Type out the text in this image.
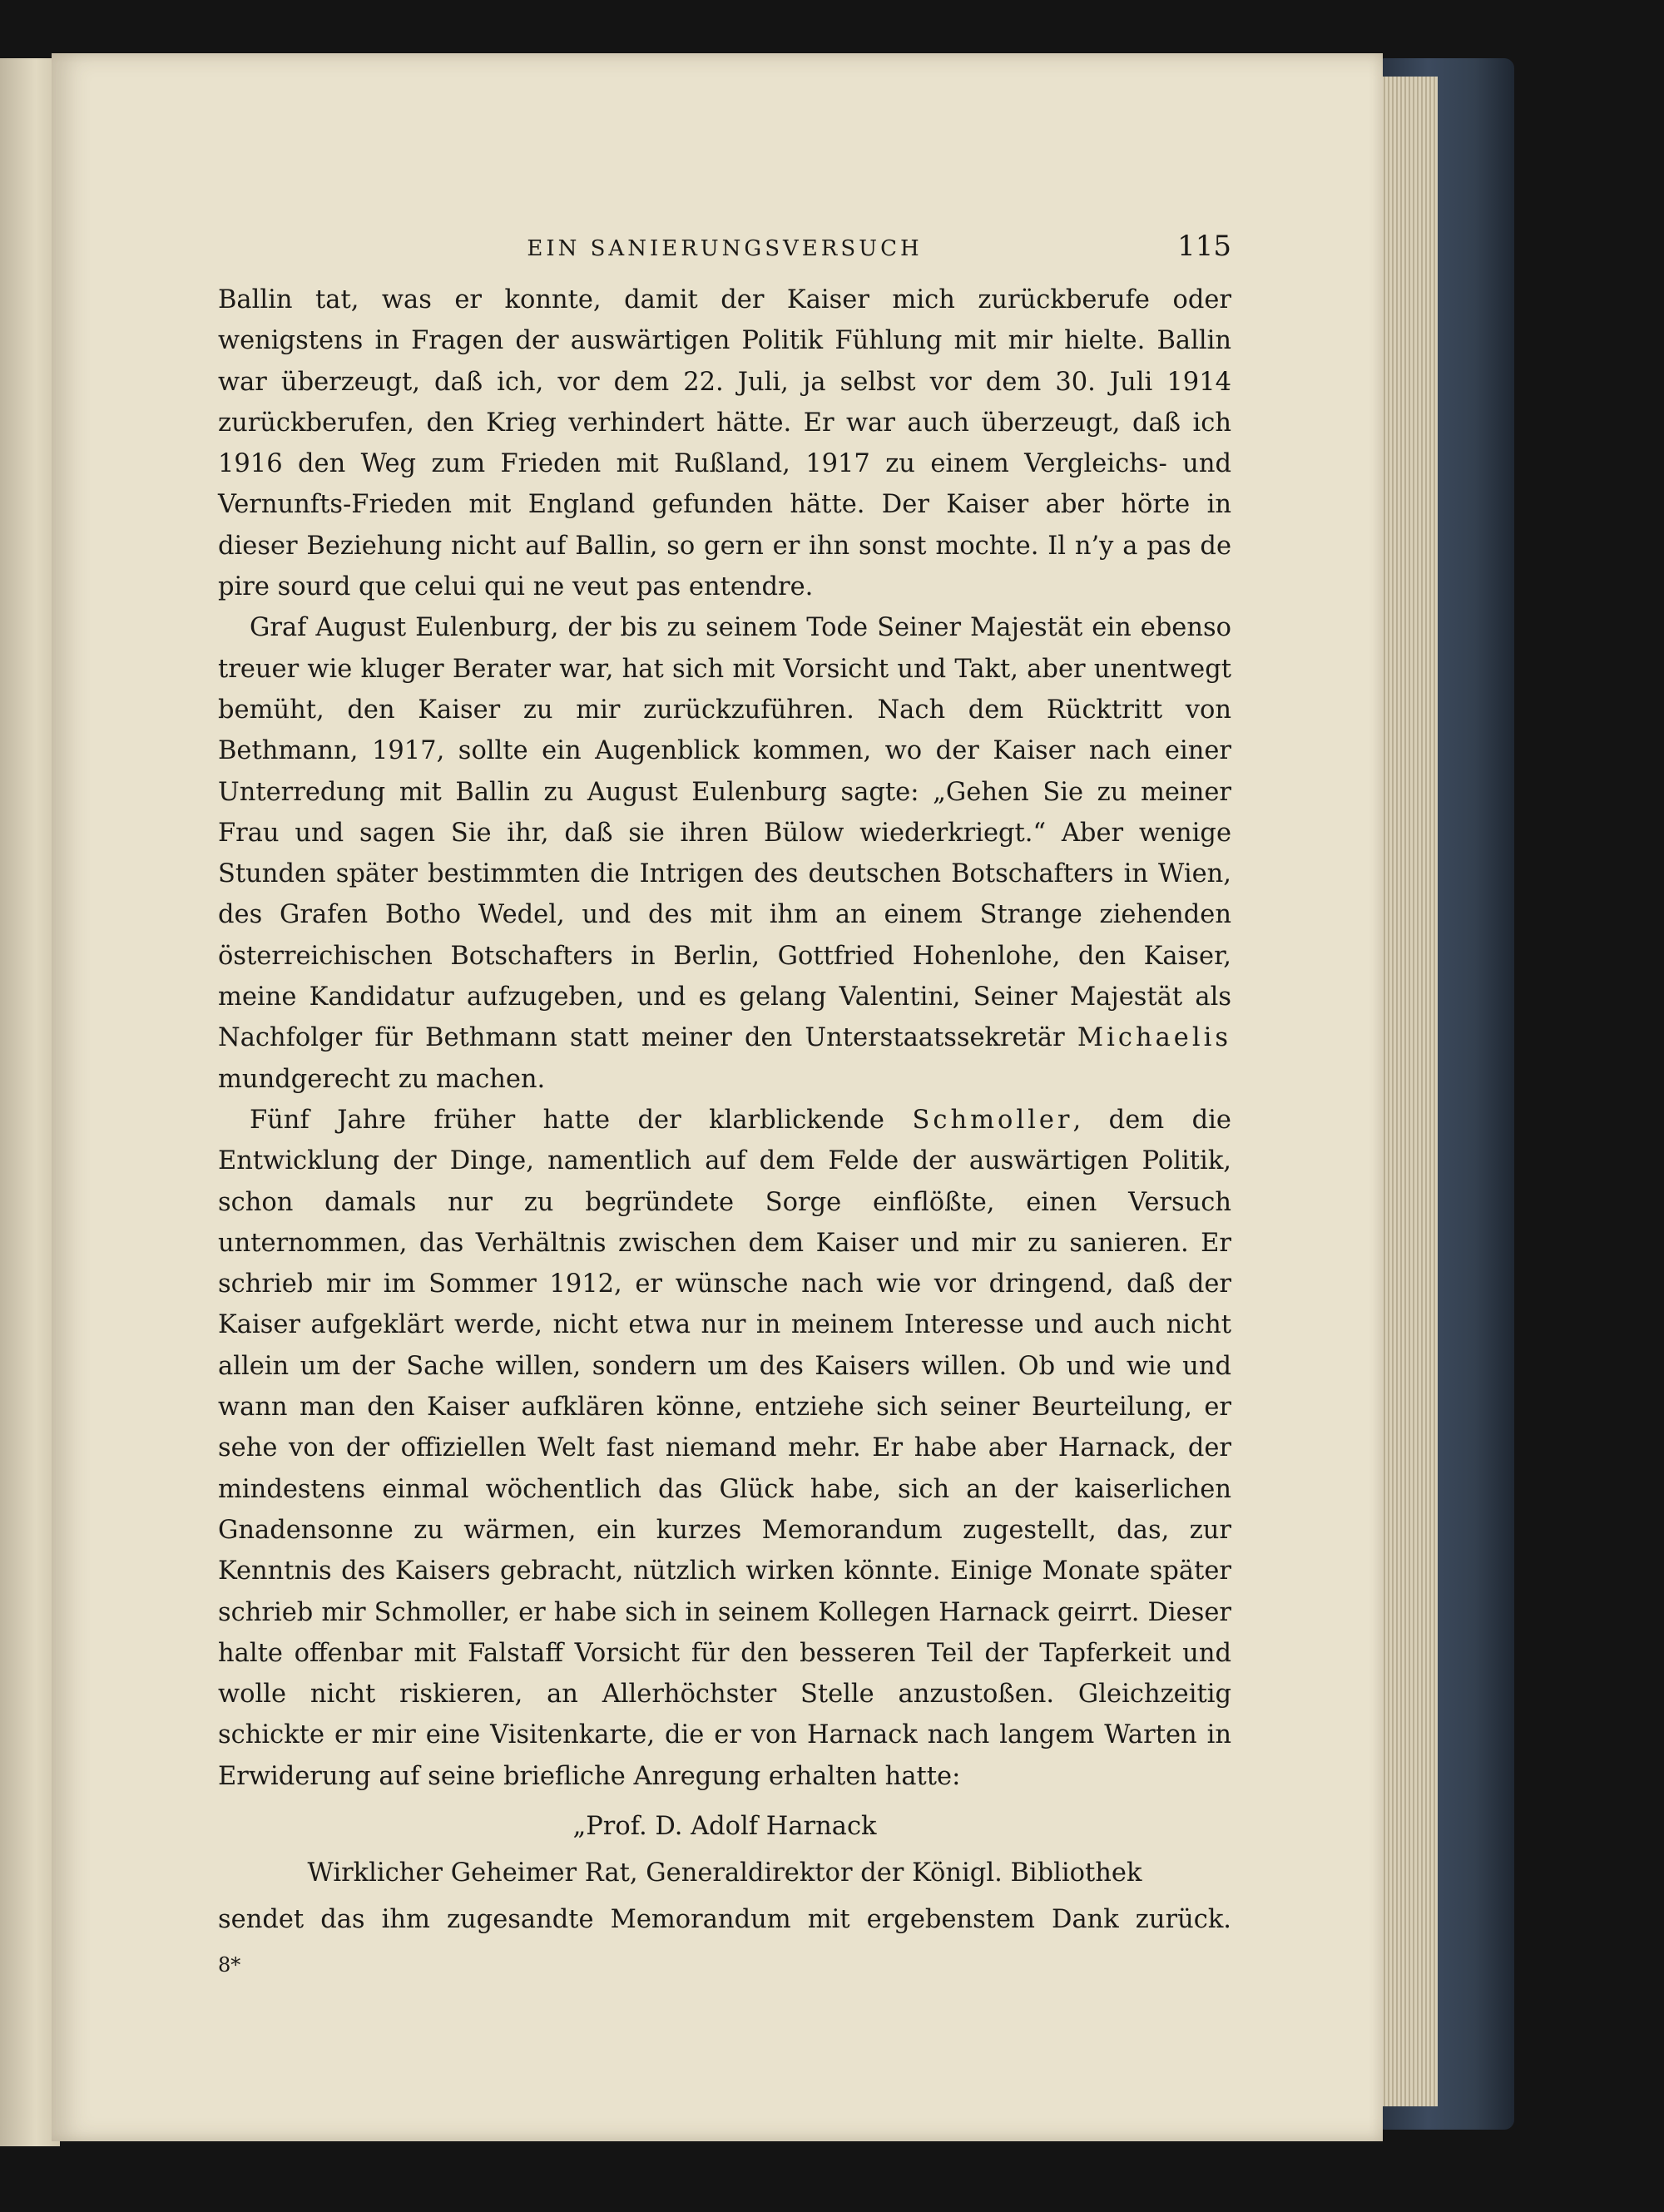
EIN SANIERUNGSVERSUCH	115

Ballin tat, was er konnte, damit der Kaiser mich zurückberufe oder wenigstens in Fragen der auswärtigen Politik Fühlung mit mir hielte. Ballin war überzeugt, daß ich, vor dem 22. Juli, ja selbst vor dem 30. Juli 1914 zurückberufen, den Krieg verhindert hätte. Er war auch überzeugt, daß ich 1916 den Weg zum Frieden mit Rußland, 1917 zu einem Vergleichs- und Vernunfts-Frieden mit England gefunden hätte. Der Kaiser aber hörte in dieser Beziehung nicht auf Ballin, so gern er ihn sonst mochte. Il n’y a pas de pire sourd que celui qui ne veut pas entendre.

Graf August Eulenburg, der bis zu seinem Tode Seiner Majestät ein ebenso treuer wie kluger Berater war, hat sich mit Vorsicht und Takt, aber unentwegt bemüht, den Kaiser zu mir zurückzuführen. Nach dem Rücktritt von Bethmann, 1917, sollte ein Augenblick kommen, wo der Kaiser nach einer Unterredung mit Ballin zu August Eulenburg sagte: „Gehen Sie zu meiner Frau und sagen Sie ihr, daß sie ihren Bülow wiederkriegt.“ Aber wenige Stunden später bestimmten die Intrigen des deutschen Botschafters in Wien, des Grafen Botho Wedel, und des mit ihm an einem Strange ziehenden österreichischen Botschafters in Berlin, Gottfried Hohenlohe, den Kaiser, meine Kandidatur aufzugeben, und es gelang Valentini, Seiner Majestät als Nachfolger für Bethmann statt meiner den Unterstaatssekretär Michaelis mundgerecht zu machen.

Fünf Jahre früher hatte der klarblickende Schmoller, dem die Entwicklung der Dinge, namentlich auf dem Felde der auswärtigen Politik, schon damals nur zu begründete Sorge einflößte, einen Versuch unternommen, das Verhältnis zwischen dem Kaiser und mir zu sanieren. Er schrieb mir im Sommer 1912, er wünsche nach wie vor dringend, daß der Kaiser aufgeklärt werde, nicht etwa nur in meinem Interesse und auch nicht allein um der Sache willen, sondern um des Kaisers willen. Ob und wie und wann man den Kaiser aufklären könne, entziehe sich seiner Beurteilung, er sehe von der offiziellen Welt fast niemand mehr. Er habe aber Harnack, der mindestens einmal wöchentlich das Glück habe, sich an der kaiserlichen Gnadensonne zu wärmen, ein kurzes Memorandum zugestellt, das, zur Kenntnis des Kaisers gebracht, nützlich wirken könnte. Einige Monate später schrieb mir Schmoller, er habe sich in seinem Kollegen Harnack geirrt. Dieser halte offenbar mit Falstaff Vorsicht für den besseren Teil der Tapferkeit und wolle nicht riskieren, an Allerhöchster Stelle anzustoßen. Gleichzeitig schickte er mir eine Visitenkarte, die er von Harnack nach langem Warten in Erwiderung auf seine briefliche Anregung erhalten hatte:

„Prof. D. Adolf Harnack
Wirklicher Geheimer Rat, Generaldirektor der Königl. Bibliothek
sendet das ihm zugesandte Memorandum mit ergebenstem Dank zurück.
8*
